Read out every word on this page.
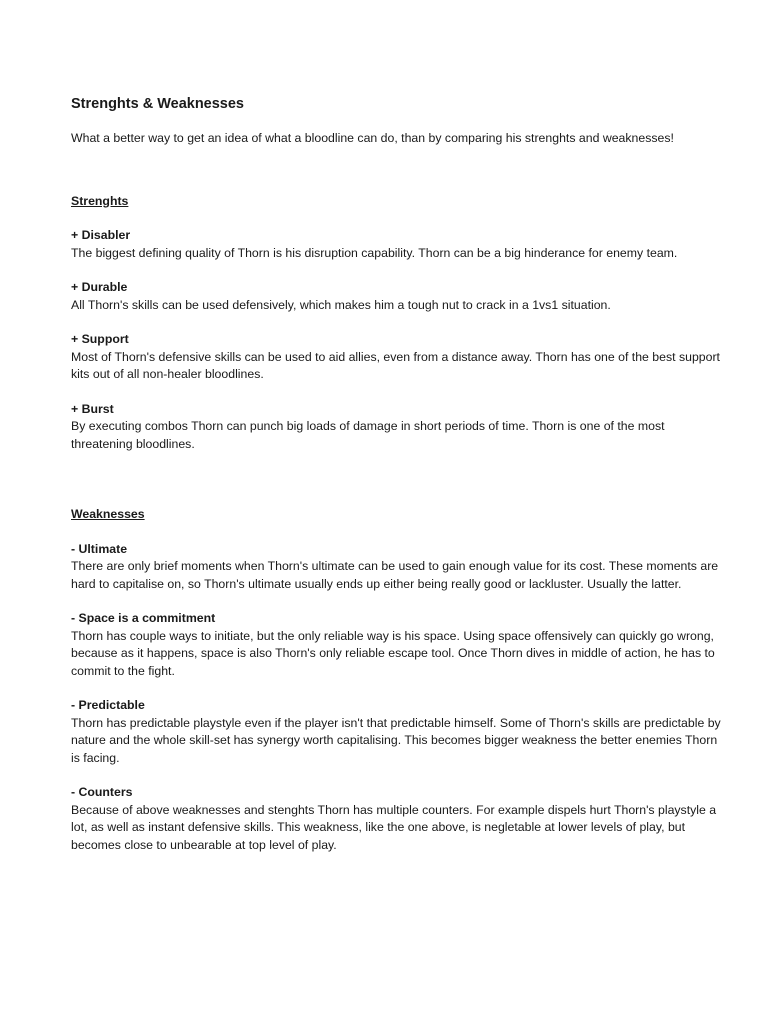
Strenghts & Weaknesses

What a better way to get an idea of what a bloodline can do, than by comparing his strenghts and weaknesses!

Strenghts

+ Disabler

The biggest defining quality of Thorn is his disruption capability. Thorn can be a big hinderance for enemy team.

+ Durable

All Thorn's skills can be used defensively, which makes him a tough nut to crack in a 1vs1 situation.

+ Support

Most of Thorn's defensive skills can be used to aid allies, even from a distance away. Thorn has one of the best support kits out of all non-healer bloodlines.

+ Burst

By executing combos Thorn can punch big loads of damage in short periods of time. Thorn is one of the most threatening bloodlines.

Weaknesses

- Ultimate

There are only brief moments when Thorn's ultimate can be used to gain enough value for its cost. These moments are hard to capitalise on, so Thorn's ultimate usually ends up either being really good or lackluster. Usually the latter.

- Space is a commitment

Thorn has couple ways to initiate, but the only reliable way is his space. Using space offensively can quickly go wrong, because as it happens, space is also Thorn's only reliable escape tool. Once Thorn dives in middle of action, he has to commit to the fight.

- Predictable

Thorn has predictable playstyle even if the player isn't that predictable himself. Some of Thorn's skills are predictable by nature and the whole skill-set has synergy worth capitalising. This becomes bigger weakness the better enemies Thorn is facing.

- Counters

Because of above weaknesses and stenghts Thorn has multiple counters. For example dispels hurt Thorn's playstyle a lot, as well as instant defensive skills. This weakness, like the one above, is negletable at lower levels of play, but becomes close to unbearable at top level of play.
